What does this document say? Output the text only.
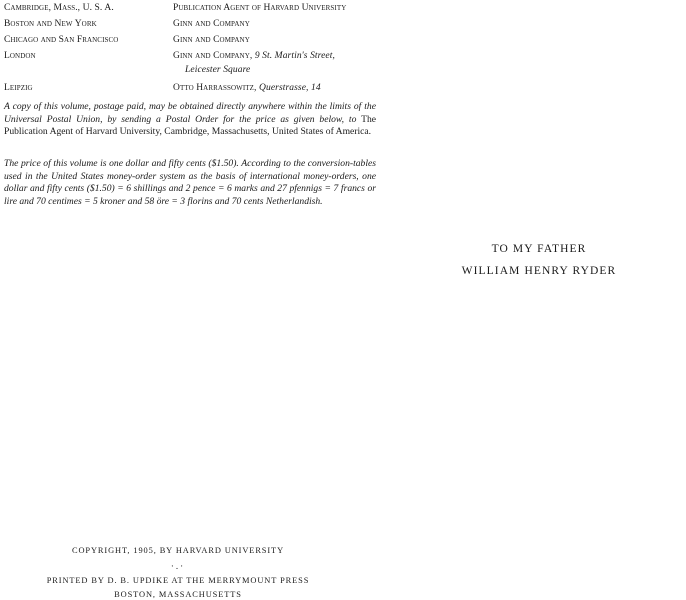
Cambridge, Mass., U. S. A.	Publication Agent of Harvard University
Boston and New York	Ginn and Company
Chicago and San Francisco	Ginn and Company
London	Ginn and Company, 9 St. Martin's Street,
Leicester Square
Leipzig	Otto Harrassowitz, Querstrasse, 14
A copy of this volume, postage paid, may be obtained directly anywhere within the limits of the Universal Postal Union, by sending a Postal Order for the price as given below, to The Publication Agent of Harvard University, Cambridge, Massachusetts, United States of America.
The price of this volume is one dollar and fifty cents ($1.50). According to the conversion-tables used in the United States money-order system as the basis of international money-orders, one dollar and fifty cents ($1.50) = 6 shillings and 2 pence = 6 marks and 27 pfennigs = 7 francs or lire and 70 centimes = 5 kroner and 58 öre = 3 florins and 70 cents Netherlandish.
COPYRIGHT, 1905, BY HARVARD UNIVERSITY
·.·
PRINTED BY D. B. UPDIKE AT THE MERRYMOUNT PRESS
BOSTON, MASSACHUSETTS
TO MY FATHER
WILLIAM HENRY RYDER
